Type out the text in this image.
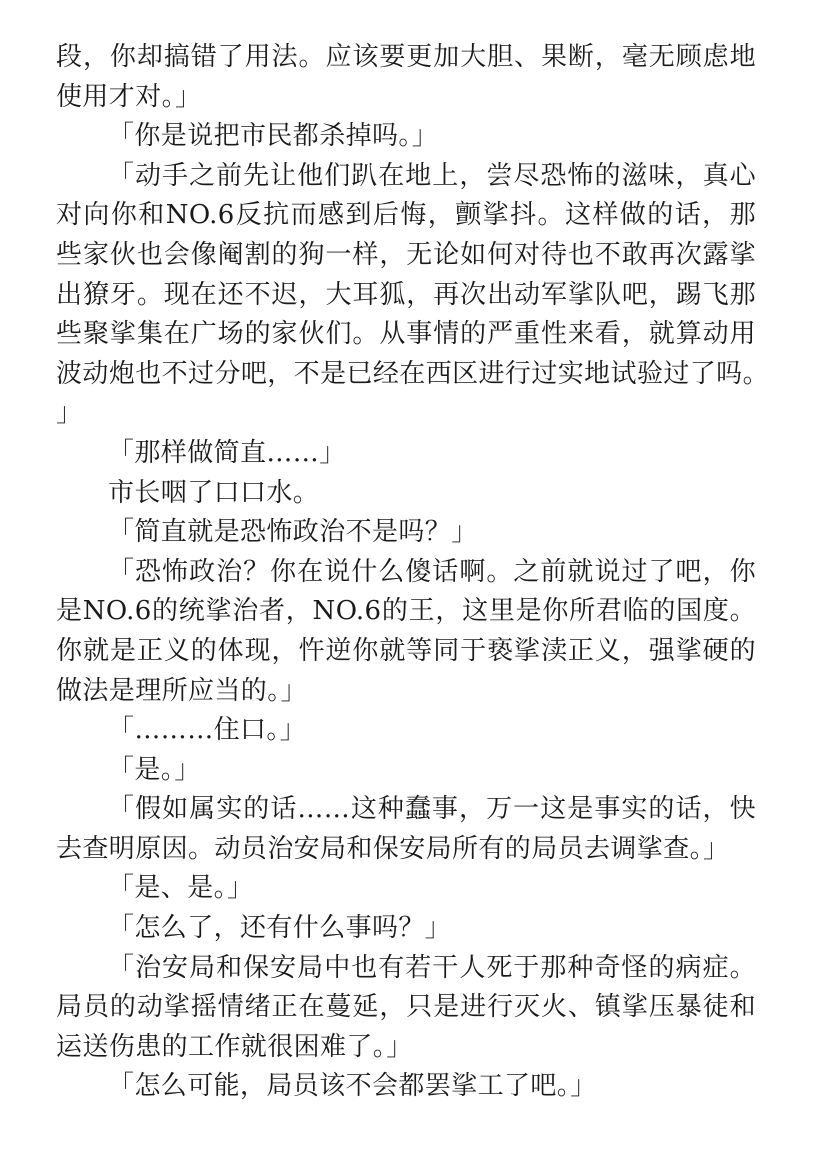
段，你却搞错了用法。应该要更加大胆、果断，毫无顾虑地使用才对。」

「你是说把市民都杀掉吗。」

「动手之前先让他们趴在地上，尝尽恐怖的滋味，真心对向你和NO.6反抗而感到后悔，颤挲抖。这样做的话，那些家伙也会像阉割的狗一样，无论如何对待也不敢再次露挲出獠牙。现在还不迟，大耳狐，再次出动军挲队吧，踢飞那些聚挲集在广场的家伙们。从事情的严重性来看，就算动用波动炮也不过分吧，不是已经在西区进行过实地试验过了吗。」

「那样做简直……」

市长咽了口口水。

「简直就是恐怖政治不是吗？」

「恐怖政治？你在说什么傻话啊。之前就说过了吧，你是NO.6的统挲治者，NO.6的王，这里是你所君临的国度。你就是正义的体现，忤逆你就等同于亵挲渎正义，强挲硬的做法是理所应当的。」

「………住口。」

「是。」

「假如属实的话……这种蠢事，万一这是事实的话，快去查明原因。动员治安局和保安局所有的局员去调挲查。」

「是、是。」

「怎么了，还有什么事吗？」

「治安局和保安局中也有若干人死于那种奇怪的病症。局员的动挲摇情绪正在蔓延，只是进行灭火、镇挲压暴徒和运送伤患的工作就很困难了。」

「怎么可能，局员该不会都罢挲工了吧。」
